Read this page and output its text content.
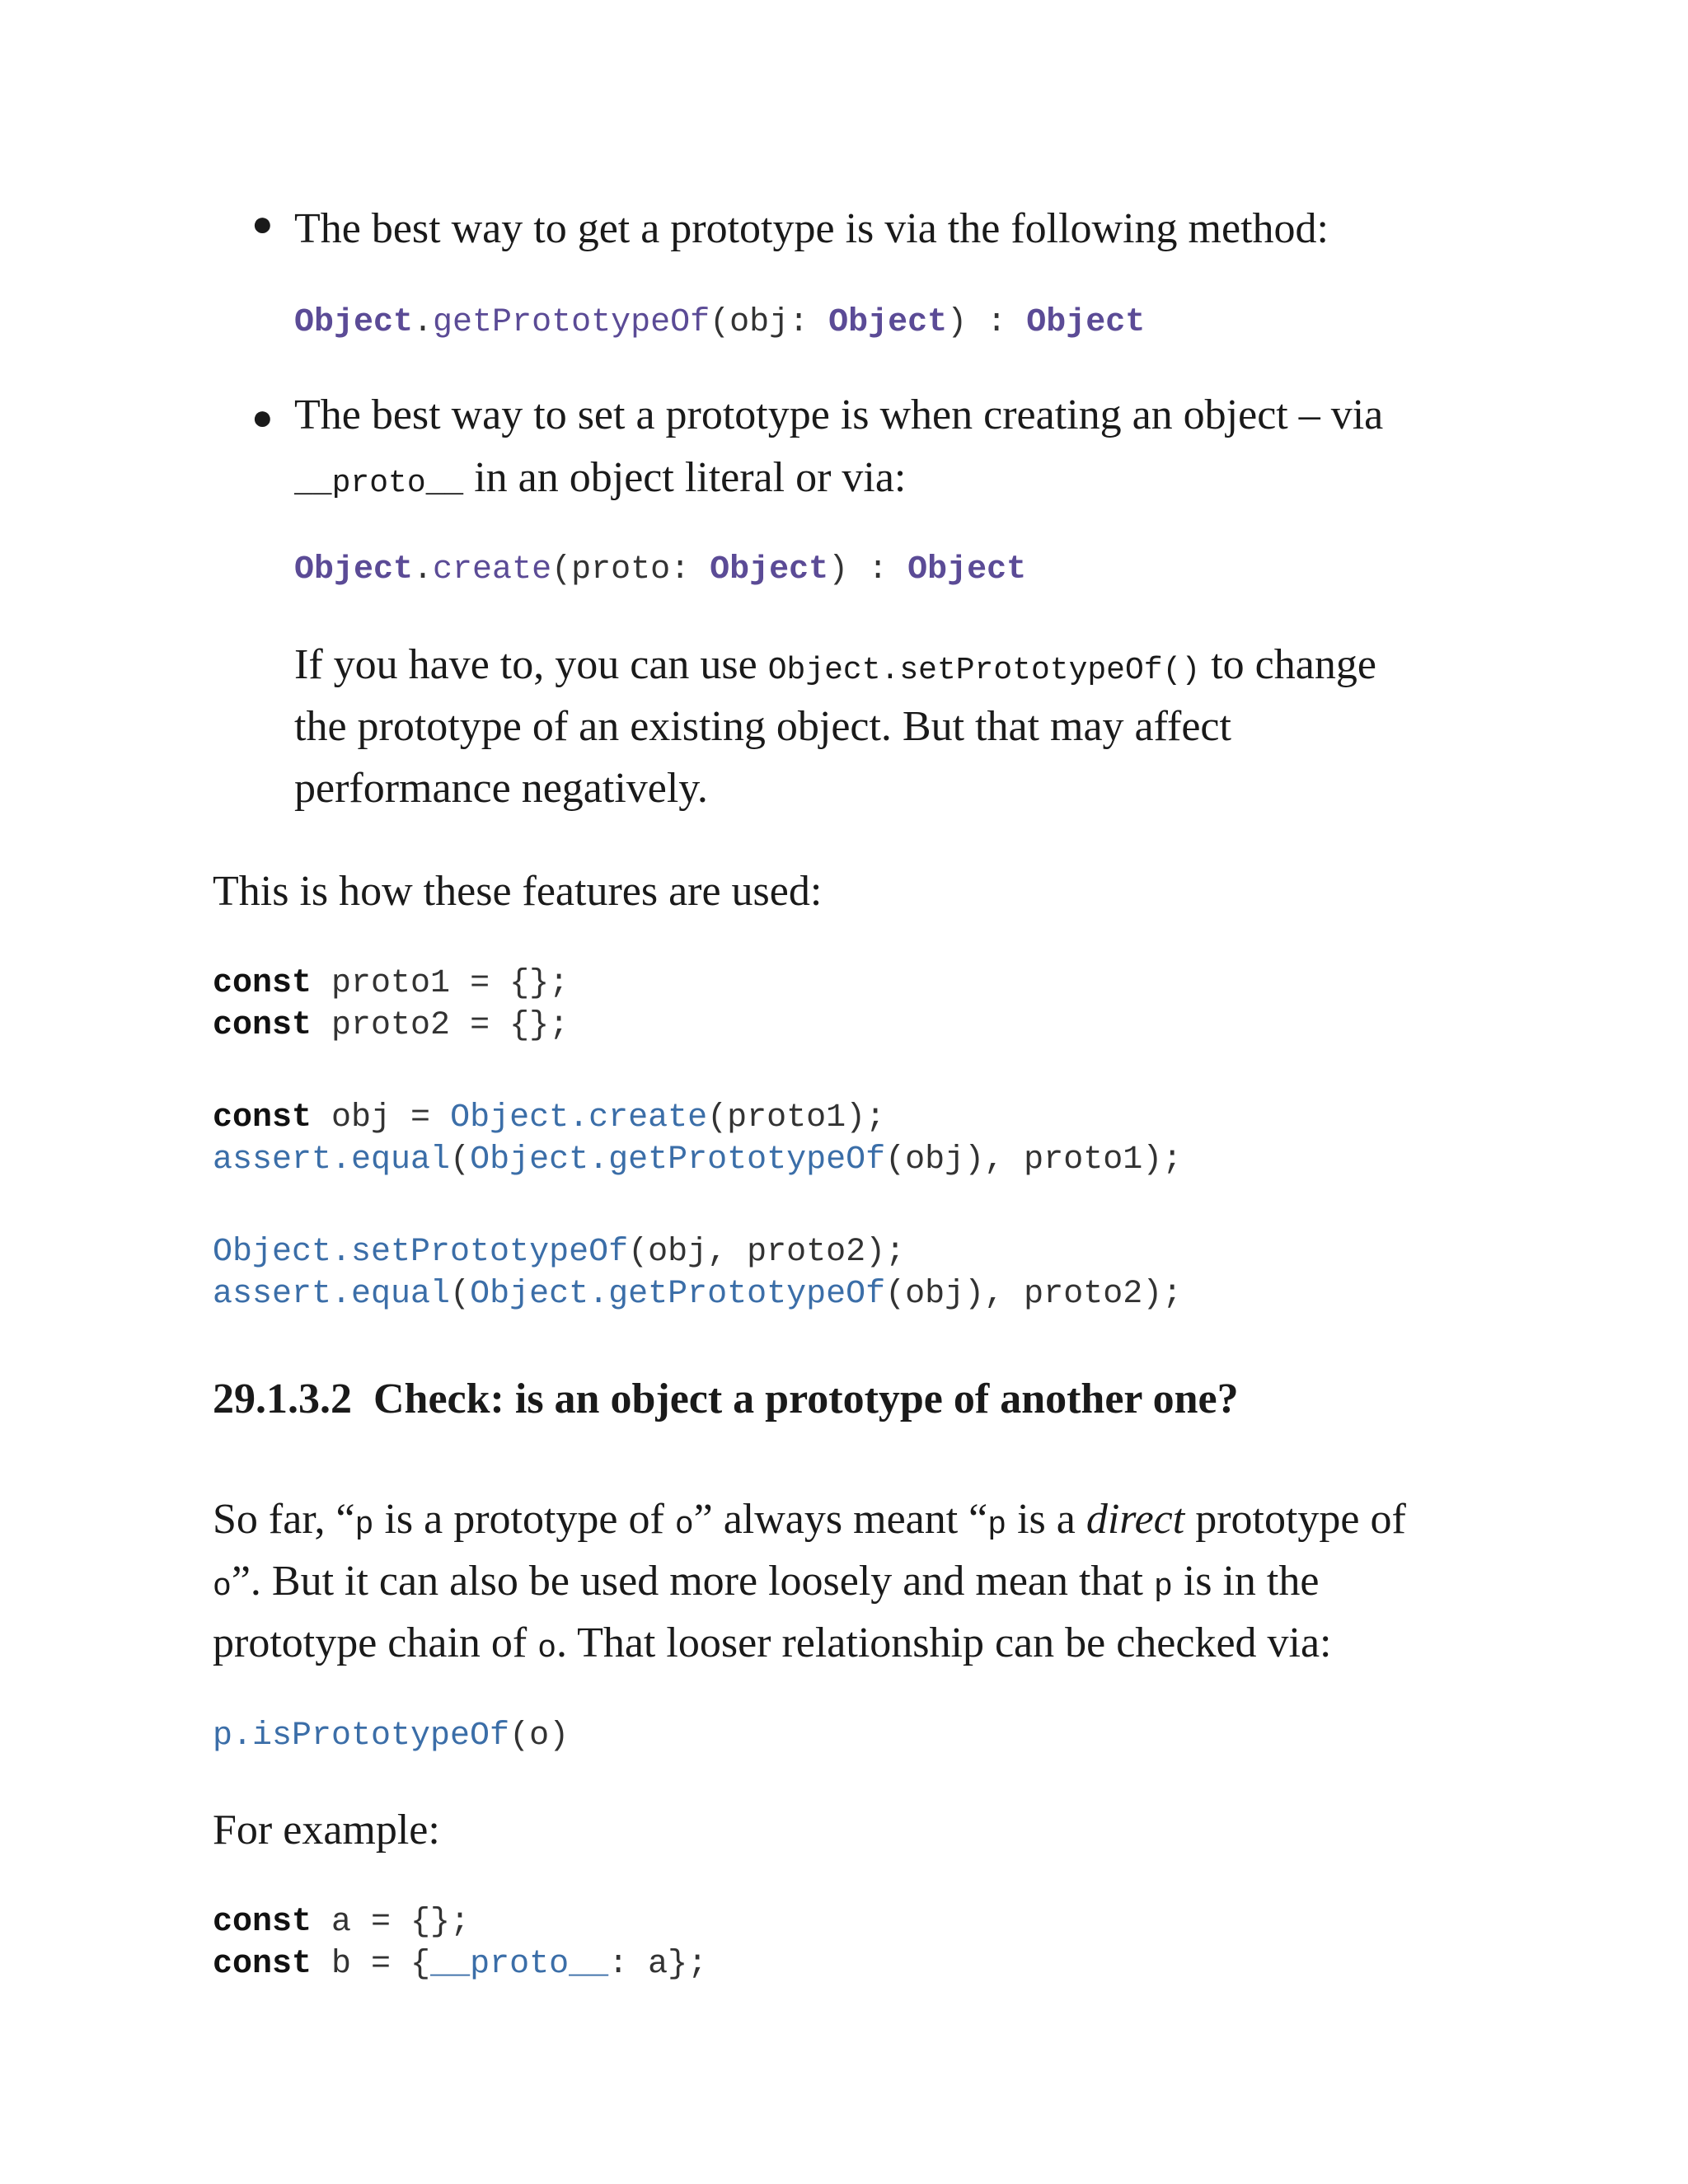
● The best way to get a prototype is via the following method:
Object.getPrototypeOf(obj: Object) : Object
● The best way to set a prototype is when creating an object – via
__proto__ in an object literal or via:
Object.create(proto: Object) : Object
If you have to, you can use Object.setPrototypeOf() to change
the prototype of an existing object. But that may affect
performance negatively.
This is how these features are used:
const proto1 = {};
const proto2 = {};
const obj = Object.create(proto1);
assert.equal(Object.getPrototypeOf(obj), proto1);
Object.setPrototypeOf(obj, proto2);
assert.equal(Object.getPrototypeOf(obj), proto2);
29.1.3.2 Check: is an object a prototype of another one?
So far, “p is a prototype of o” always meant “p is a direct prototype of
o”. But it can also be used more loosely and mean that p is in the
prototype chain of o. That looser relationship can be checked via:
p.isPrototypeOf(o)
For example:
const a = {};
const b = {__proto__: a};
